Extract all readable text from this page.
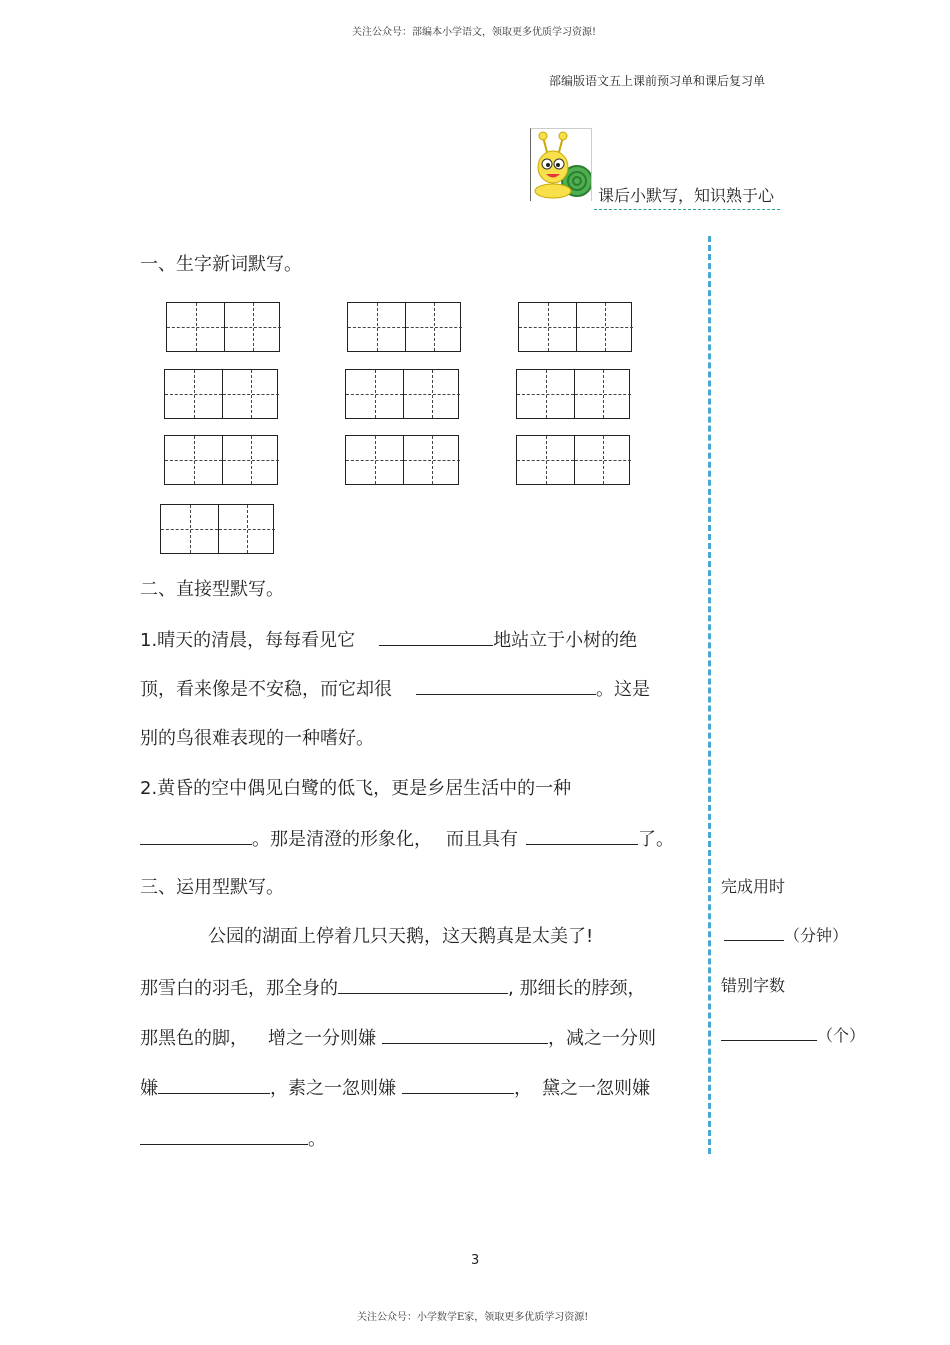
关注公众号：部编本小学语文，领取更多优质学习资源!
部编版语文五上课前预习单和课后复习单
课后小默写，知识熟于心
一、生字新词默写。
二、直接型默写。
1.晴天的清晨，每每看见它	地站立于小树的绝
顶，看来像是不安稳，而它却很	。这是
别的鸟很难表现的一种嗜好。
2.黄昏的空中偶见白鹭的低飞，更是乡居生活中的一种
。那是清澄的形象化， 而且具有	了。
三、运用型默写。
公园的湖面上停着几只天鹅，这天鹅真是太美了!
那雪白的羽毛，那全身的	, 那细长的脖颈，
那黑色的脚， 增之一分则嫌	，减之一分则
嫌	，素之一忽则嫌	， 黛之一忽则嫌
。
完成用时
（分钟）
错别字数
（个）
3
关注公众号：小学数学E家，领取更多优质学习资源!
